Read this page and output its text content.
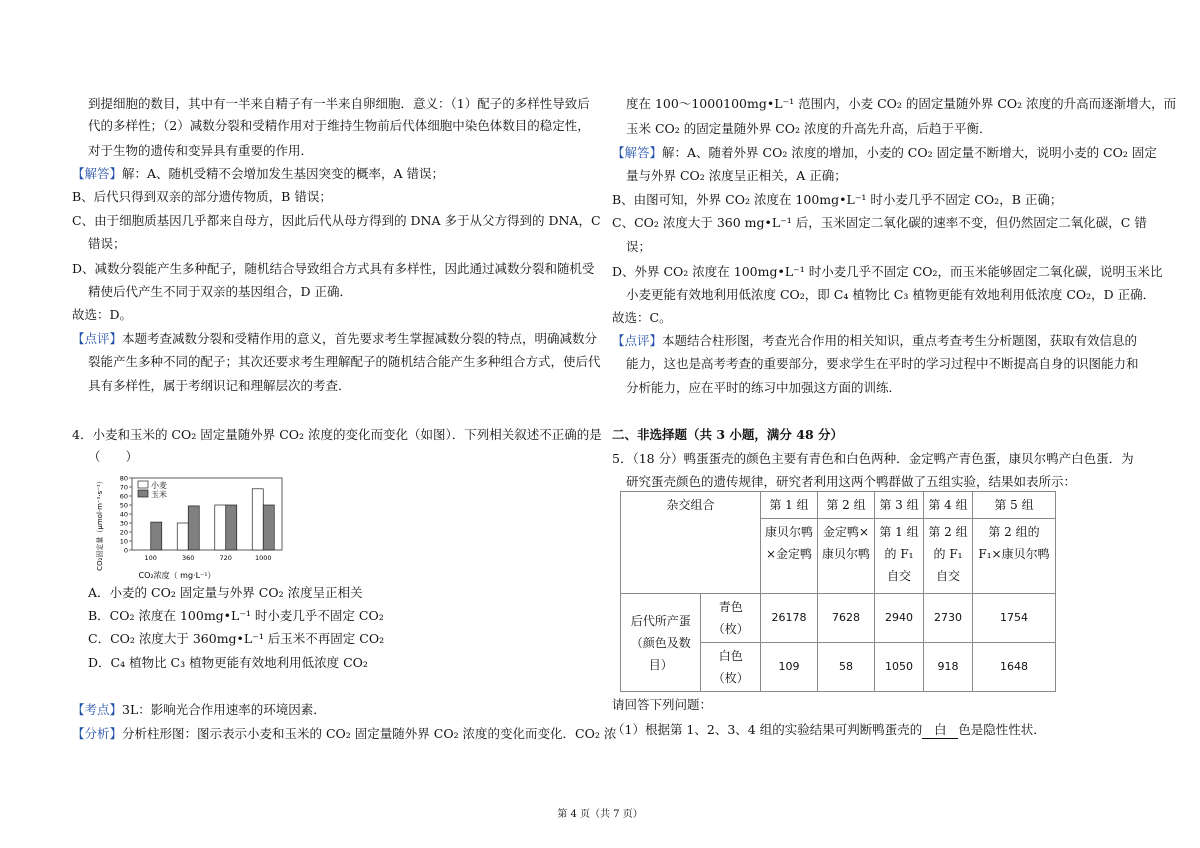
到提细胞的数目，其中有一半来自精子有一半来自卵细胞．意义：（1）配子的多样性导致后
代的多样性；（2）减数分裂和受精作用对于维持生物前后代体细胞中染色体数目的稳定性，
对于生物的遗传和变异具有重要的作用．
【解答】解：A、随机受精不会增加发生基因突变的概率，A 错误；
B、后代只得到双亲的部分遗传物质，B 错误；
C、由于细胞质基因几乎都来自母方，因此后代从母方得到的 DNA 多于从父方得到的 DNA，C
错误；
D、减数分裂能产生多种配子，随机结合导致组合方式具有多样性，因此通过减数分裂和随机受
精使后代产生不同于双亲的基因组合，D 正确．
故选：D。
【点评】本题考查减数分裂和受精作用的意义，首先要求考生掌握减数分裂的特点，明确减数分
裂能产生多种不同的配子；其次还要求考生理解配子的随机结合能产生多种组合方式，使后代
具有多样性，属于考纲识记和理解层次的考查．
4．小麦和玉米的 CO₂ 固定量随外界 CO₂ 浓度的变化而变化（如图）．下列相关叙述不正确的是
（　　）
A．小麦的 CO₂ 固定量与外界 CO₂ 浓度呈正相关
B．CO₂ 浓度在 100mg•L⁻¹ 时小麦几乎不固定 CO₂
C．CO₂ 浓度大于 360mg•L⁻¹ 后玉米不再固定 CO₂
D．C₄ 植物比 C₃ 植物更能有效地利用低浓度 CO₂
【考点】3L：影响光合作用速率的环境因素．
【分析】分析柱形图：图示表示小麦和玉米的 CO₂ 固定量随外界 CO₂ 浓度的变化而变化．CO₂ 浓
0
10
20
30
40
50
60
70
80
100	360	720	1000
小麦
玉米
CO₂浓度（ mg·L⁻¹）
CO₂固定量（μmol·m⁻²·s⁻¹）
度在 100～1000100mg•L⁻¹ 范围内，小麦 CO₂ 的固定量随外界 CO₂ 浓度的升高而逐渐增大，而
玉米 CO₂ 的固定量随外界 CO₂ 浓度的升高先升高，后趋于平衡．
【解答】解：A、随着外界 CO₂ 浓度的增加，小麦的 CO₂ 固定量不断增大，说明小麦的 CO₂ 固定
量与外界 CO₂ 浓度呈正相关，A 正确；
B、由图可知，外界 CO₂ 浓度在 100mg•L⁻¹ 时小麦几乎不固定 CO₂，B 正确；
C、CO₂ 浓度大于 360 mg•L⁻¹ 后，玉米固定二氧化碳的速率不变，但仍然固定二氧化碳，C 错
误；
D、外界 CO₂ 浓度在 100mg•L⁻¹ 时小麦几乎不固定 CO₂，而玉米能够固定二氧化碳，说明玉米比
小麦更能有效地利用低浓度 CO₂，即 C₄ 植物比 C₃ 植物更能有效地利用低浓度 CO₂，D 正确．
故选：C。
【点评】本题结合柱形图，考查光合作用的相关知识，重点考查考生分析题图，获取有效信息的
能力，这也是高考考查的重要部分，要求学生在平时的学习过程中不断提高自身的识图能力和
分析能力，应在平时的练习中加强这方面的训练．
二、非选择题（共 3 小题，满分 48 分）
5．（18 分）鸭蛋蛋壳的颜色主要有青色和白色两种．金定鸭产青色蛋，康贝尔鸭产白色蛋．为
研究蛋壳颜色的遗传规律，研究者利用这两个鸭群做了五组实验，结果如表所示：
请回答下列问题：
（1）根据第 1、2、3、4 组的实验结果可判断鸭蛋壳的 白 色是隐性性状．
杂交组合		第 1 组	第 2 组	第 3 组	第 4 组	第 5 组
		康贝尔鸭×金定鸭	金定鸭×康贝尔鸭	第 1 组的 F₁ 自交	第 2 组的 F₁ 自交	第 2 组的 F₁×康贝尔鸭
后代所产蛋（颜色及数目）	青色（枚）	26178	7628	2940	2730	1754
	白色（枚）	109	58	1050	918	1648
第 4 页（共 7 页）
